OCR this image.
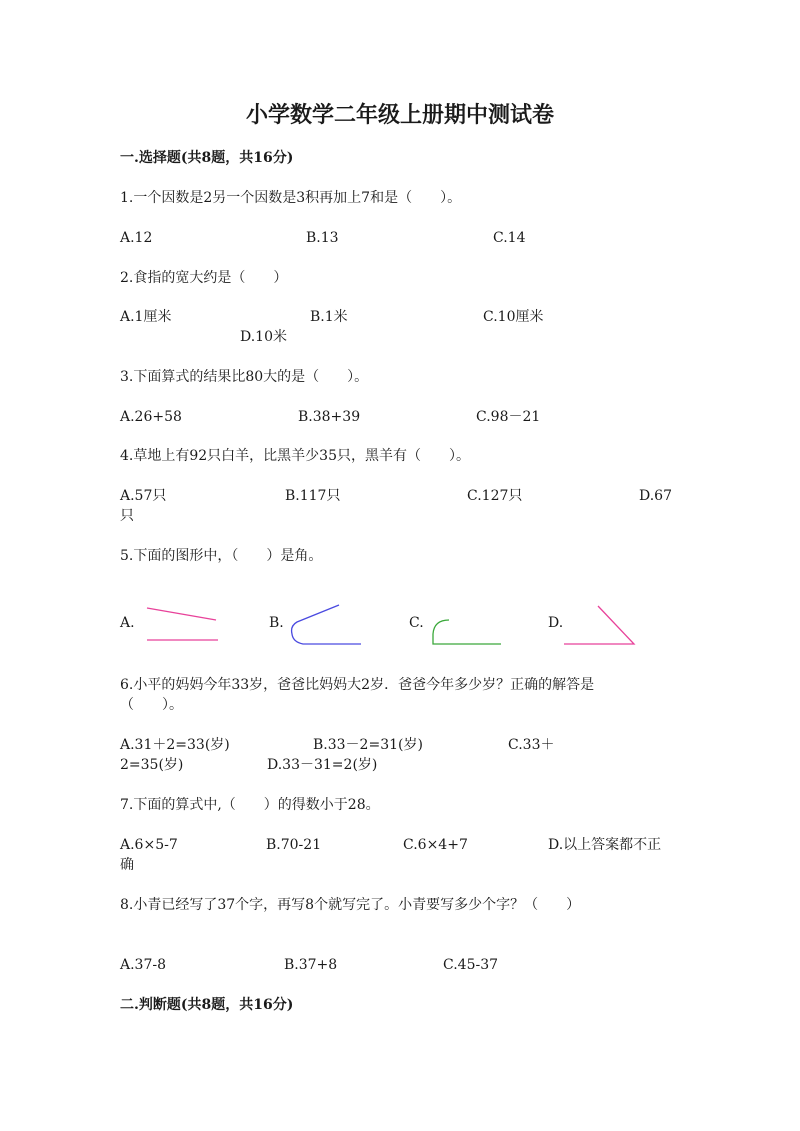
小学数学二年级上册期中测试卷
一.选择题(共8题，共16分)
1.一个因数是2另一个因数是3积再加上7和是（　　）。
A.12	B.13	C.14
2.食指的宽大约是（　　）
A.1厘米	B.1米	C.10厘米
D.10米
3.下面算式的结果比80大的是（　　）。
A.26+58	B.38+39	C.98－21
4.草地上有92只白羊，比黑羊少35只，黑羊有（　　）。
A.57只	B.117只	C.127只	D.67
只
5.下面的图形中，（　　）是角。
A.	B.	C.	D.
6.小平的妈妈今年33岁，爸爸比妈妈大2岁．爸爸今年多少岁？正确的解答是
（　　）。
A.31＋2=33(岁)	B.33－2=31(岁)	C.33＋
2=35(岁)	D.33－31=2(岁)
7.下面的算式中,（　　）的得数小于28。
A.6×5-7	B.70-21	C.6×4+7	D.以上答案都不正
确
8.小青已经写了37个字，再写8个就写完了。小青要写多少个字？（　　）
A.37-8	B.37+8	C.45-37
二.判断题(共8题，共16分)
